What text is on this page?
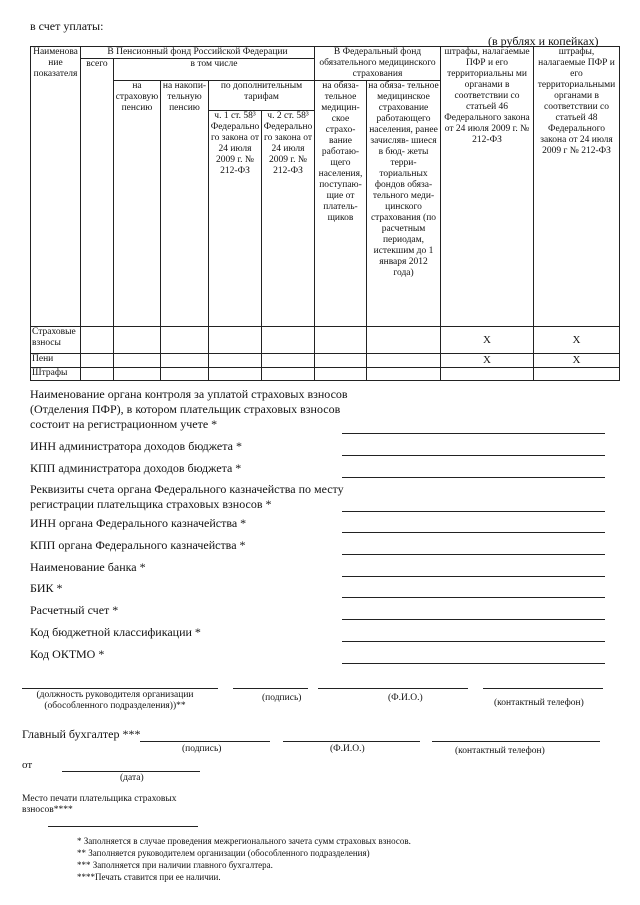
в счет уплаты:
(в рублях и копейках)
Наименова ние показателя	В Пенсионный фонд Российской Федерации					В Федеральный фонд обязательного медицинского страхования		штрафы, налагаемые ПФР и его территориальны ми органами в соответствии со статьей 46 Федерального закона от 24 июля 2009 г. № 212-ФЗ	штрафы, налагаемые ПФР и его территориальными органами в соответствии со статьей 48 Федерального закона от 24 июля 2009 г № 212-ФЗ
	всего	в том числе							
		на страховую пенсию	на накопи- тельную пенсию	по дополнительным тарифам		на обяза- тельное медицин- ское страхо- вание работаю- щего населения, поступаю- щие от платель- щиков	на обяза- тельное медицинское страхование работающего населения, ранее зачисляв- шиеся в бюд- жеты терри- ториальных фондов обяза- тельного меди- цинского страхования (по расчетным периодам, истекшим до 1 января 2012 года)		
				ч. 1 ст. 58³ Федерально го закона от 24 июля 2009 г. № 212-ФЗ	ч. 2 ст. 58³ Федерально го закона от 24 июля 2009 г. № 212-ФЗ				
Страховые взносы								X	X
Пени								X	X
Штрафы									
Наименование органа контроля за уплатой страховых взносов (Отделения ПФР), в котором плательщик страховых взносов состоит на регистрационном учете *
ИНН администратора доходов бюджета *
КПП администратора доходов бюджета *
Реквизиты счета органа Федерального казначейства по месту регистрации плательщика страховых взносов *
ИНН органа Федерального казначейства *
КПП органа Федерального казначейства *
Наименование банка *
БИК *
Расчетный счет *
Код бюджетной классификации *
Код ОКТМО *
(должность руководителя организации (обособленного подразделения))**
(подпись)	(Ф.И.О.)	(контактный телефон)
Главный бухгалтер ***
(подпись)	(Ф.И.О.)	(контактный телефон)
от
(дата)
Место печати плательщика страховых взносов****
* Заполняется в случае проведения межрегионального зачета сумм страховых взносов.
** Заполняется руководителем организации (обособленного подразделения)
*** Заполняется при наличии главного бухгалтера.
****Печать ставится при ее наличии.
